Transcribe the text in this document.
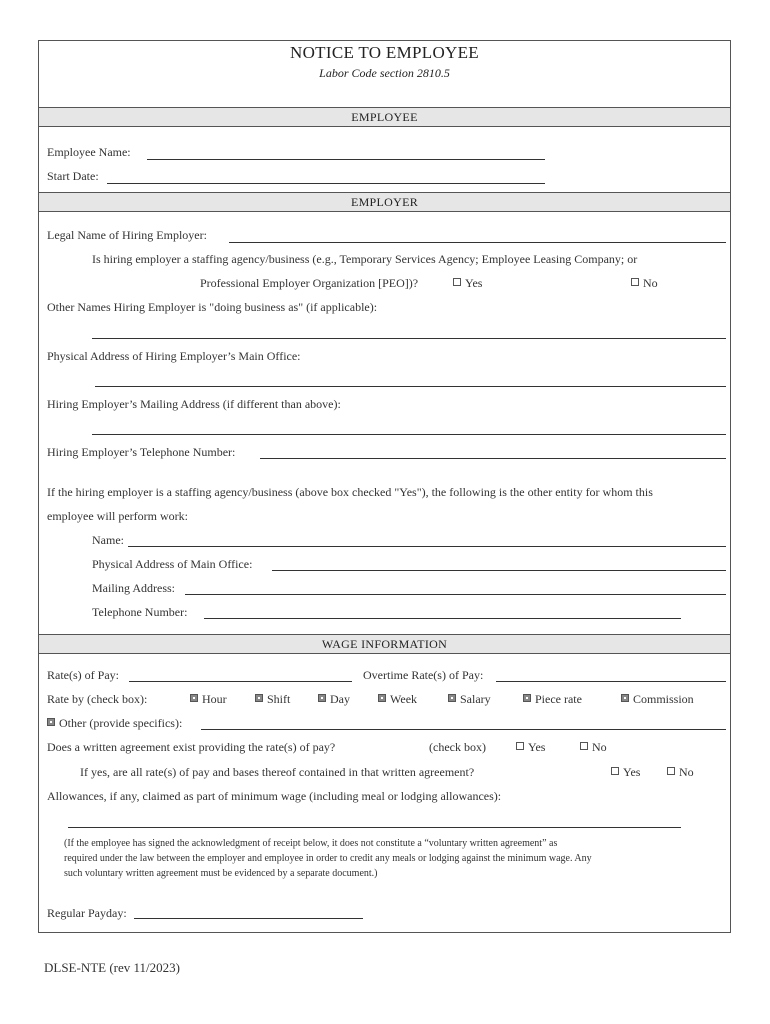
NOTICE TO EMPLOYEE
Labor Code section 2810.5
EMPLOYEE
Employee Name:
Start Date:
EMPLOYER
Legal Name of Hiring Employer:
Is hiring employer a staffing agency/business (e.g., Temporary Services Agency; Employee Leasing Company; or
Professional Employer Organization [PEO])?	Yes	No
Other Names Hiring Employer is "doing business as" (if applicable):
Physical Address of Hiring Employer’s Main Office:
Hiring Employer’s Mailing Address (if different than above):
Hiring Employer’s Telephone Number:
If the hiring employer is a staffing agency/business (above box checked "Yes"), the following is the other entity for whom this
employee will perform work:
Name:
Physical Address of Main Office:
Mailing Address:
Telephone Number:
WAGE INFORMATION
Rate(s) of Pay:	Overtime Rate(s) of Pay:
Rate by (check box):	Hour	Shift	Day	Week	Salary	Piece rate	Commission
Other (provide specifics):
Does a written agreement exist providing the rate(s) of pay?	(check box)	Yes	No
If yes, are all rate(s) of pay and bases thereof contained in that written agreement?	Yes	No
Allowances, if any, claimed as part of minimum wage (including meal or lodging allowances):
(If the employee has signed the acknowledgment of receipt below, it does not constitute a “voluntary written agreement” as
required under the law between the employer and employee in order to credit any meals or lodging against the minimum wage. Any
such voluntary written agreement must be evidenced by a separate document.)
Regular Payday:
DLSE-NTE (rev 11/2023)
